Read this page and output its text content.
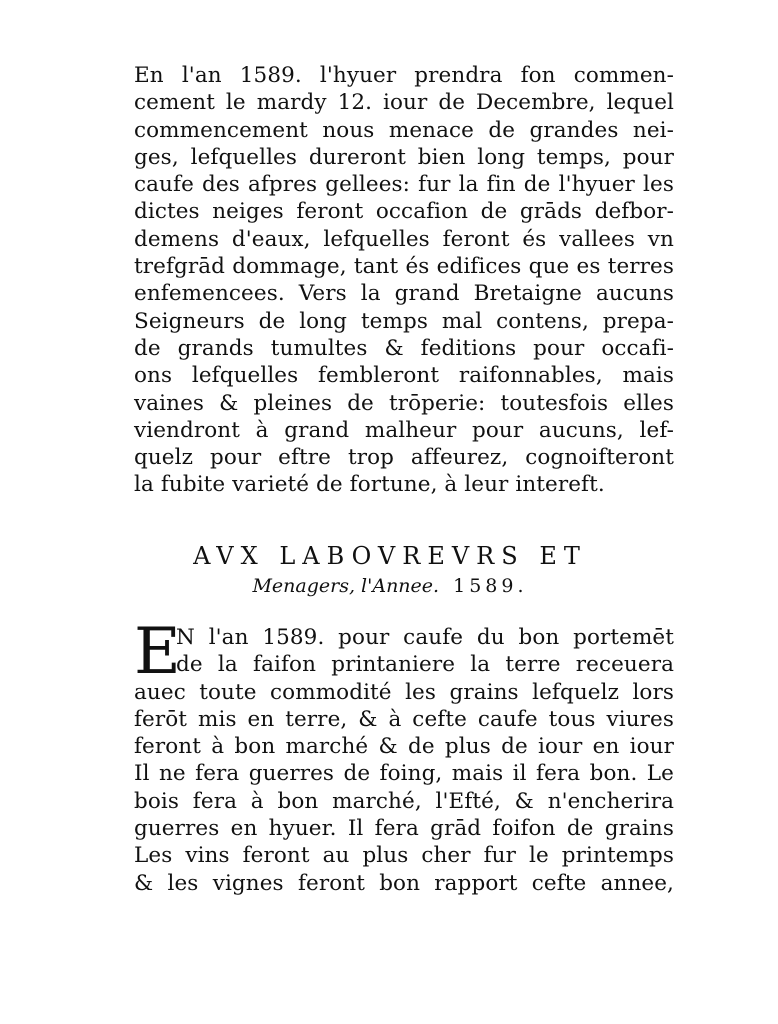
En l'an 1589. l'hyuer prendra fon commen-
cement le mardy 12. iour de Decembre, lequel
commencement nous menace de grandes nei-
ges, lefquelles dureront bien long temps, pour
caufe des afpres gellees: fur la fin de l'hyuer les
dictes neiges feront occafion de grāds defbor-
demens d'eaux, lefquelles feront és vallees vn
trefgrād dommage, tant és edifices que es terres
enfemencees. Vers la grand Bretaigne aucuns
Seigneurs de long temps mal contens, prepa-
de grands tumultes & feditions pour occafi-
ons lefquelles fembleront raifonnables, mais
vaines & pleines de trōperie: toutesfois elles
viendront à grand malheur pour aucuns, lef-
quelz pour eftre trop affeurez, cognoifteront
la fubite varieté de fortune, à leur intereft.
AVX LABOVREVRS ET
Menagers, l'Annee. 1589.
E
N l'an 1589. pour caufe du bon portemēt
de la faifon printaniere la terre receuera
auec toute commodité les grains lefquelz lors
ferōt mis en terre, & à cefte caufe tous viures
feront à bon marché & de plus de iour en iour
Il ne fera guerres de foing, mais il fera bon. Le
bois fera à bon marché, l'Efté, & n'encherira
guerres en hyuer. Il fera grād foifon de grains
Les vins feront au plus cher fur le printemps
& les vignes feront bon rapport cefte annee,
